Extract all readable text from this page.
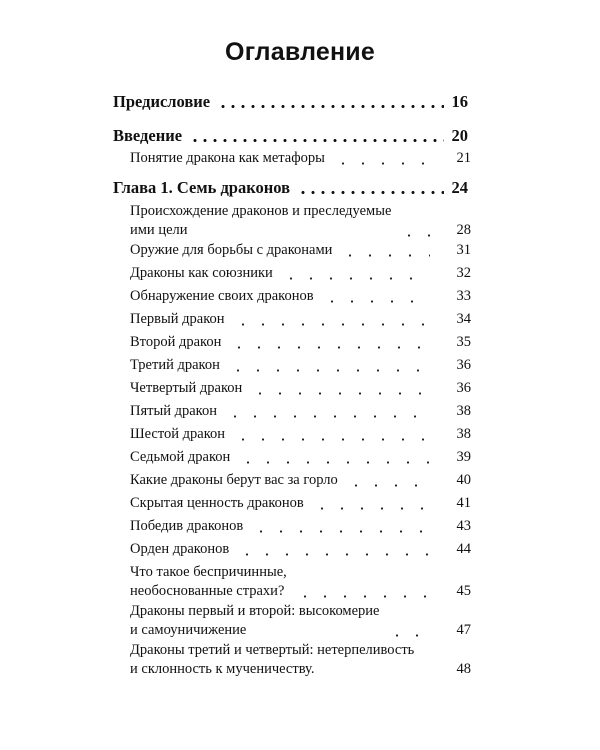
Оглавление
Предисловие	16
Введение	20
Понятие дракона как метафоры	21
Глава 1. Семь драконов	24
Происхождение драконов и преследуемые
ими цели	28
Оружие для борьбы с драконами	31
Драконы как союзники	32
Обнаружение своих драконов	33
Первый дракон	34
Второй дракон	35
Третий дракон	36
Четвертый дракон	36
Пятый дракон	38
Шестой дракон	38
Седьмой дракон	39
Какие драконы берут вас за горло	40
Скрытая ценность драконов	41
Победив драконов	43
Орден драконов	44
Что такое беспричинные,
необоснованные страхи?	45
Драконы первый и второй: высокомерие
и самоуничижение	47
Драконы третий и четвертый: нетерпеливость
и склонность к мученичеству.	48
